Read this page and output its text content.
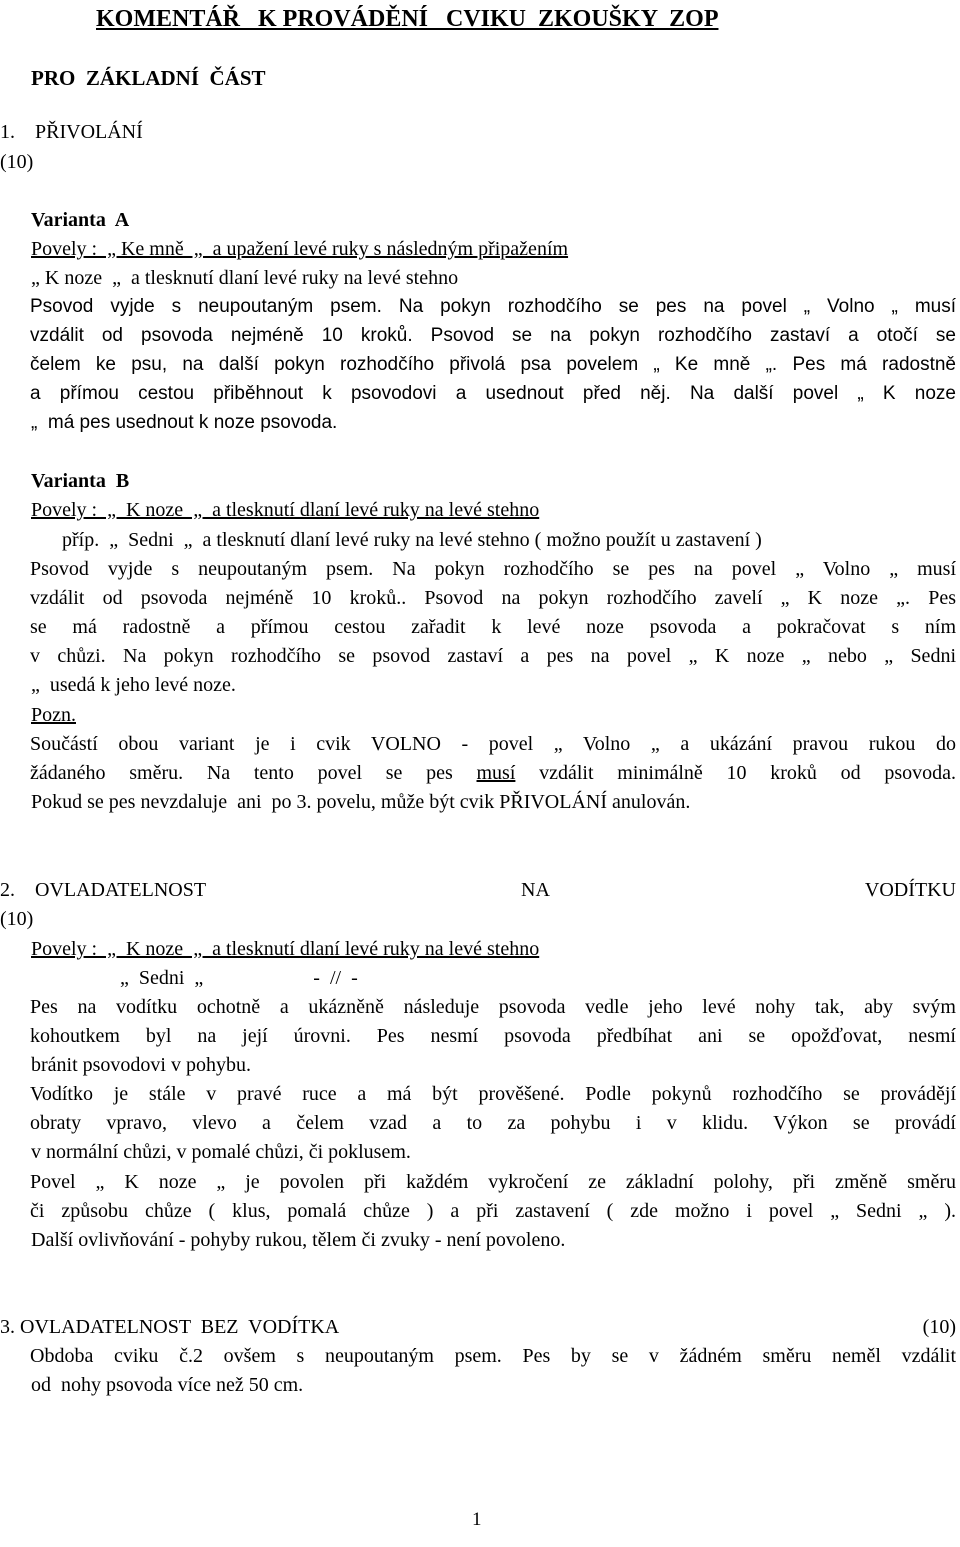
KOMENTÁŘ   K PROVÁDĚNÍ   CVIKU  ZKOUŠKY  ZOP
PRO  ZÁKLADNÍ  ČÁST
1.    PŘIVOLÁNÍ
(10)
Varianta  A
Povely :  „ Ke mně  „  a upažení levé ruky s následným připažením
„ K noze  „  a tlesknutí dlaní levé ruky na levé stehno
Psovod vyjde s neupoutaným psem. Na pokyn rozhodčího se pes na povel „ Volno „ musí
vzdálit od psovoda nejméně 10 kroků. Psovod se na pokyn rozhodčího zastaví a otočí se
čelem ke psu, na další pokyn rozhodčího přivolá psa povelem „ Ke mně „. Pes má radostně
a přímou cestou přiběhnout k psovodovi a usednout před něj. Na další povel „ K noze
„  má pes usednout k noze psovoda.
Varianta  B
Povely :  „  K noze  „  a tlesknutí dlaní levé ruky na levé stehno
příp.  „  Sedni  „  a tlesknutí dlaní levé ruky na levé stehno ( možno použít u zastavení )
Psovod vyjde s neupoutaným psem. Na pokyn rozhodčího se pes na povel „ Volno „ musí
vzdálit od psovoda nejméně 10 kroků.. Psovod na pokyn rozhodčího zavelí „ K noze „. Pes
se má radostně a přímou cestou zařadit k levé noze psovoda a pokračovat s ním
v chůzi. Na pokyn rozhodčího se psovod zastaví a pes na povel „ K noze „ nebo „ Sedni
„  usedá k jeho levé noze.
Pozn.
Součástí obou variant je i cvik VOLNO - povel „ Volno „ a ukázání pravou rukou do
žádaného směru. Na tento povel se pes musí vzdálit minimálně 10 kroků od psovoda.
Pokud se pes nevzdaluje  ani  po 3. povelu, může být cvik PŘIVOLÁNÍ anulován.
2.    OVLADATELNOST	NA	VODÍTKU
(10)
Povely :  „  K noze  „  a tlesknutí dlaní levé ruky na levé stehno
„  Sedni  „                      -  //  -
Pes na vodítku ochotně a ukázněně následuje psovoda vedle jeho levé nohy tak, aby svým
kohoutkem byl na její úrovni. Pes nesmí psovoda předbíhat ani se opožďovat, nesmí
bránit psovodovi v pohybu.
Vodítko je stále v pravé ruce a má být prověšené. Podle pokynů rozhodčího se provádějí
obraty vpravo, vlevo a čelem vzad a to za pohybu i v klidu. Výkon se provádí
v normální chůzi, v pomalé chůzi, či poklusem.
Povel „ K noze „ je povolen při každém vykročení ze základní polohy, při změně směru
či způsobu chůze ( klus, pomalá chůze ) a při zastavení ( zde možno i povel „ Sedni „ ).
Další ovlivňování - pohyby rukou, tělem či zvuky - není povoleno.
3. OVLADATELNOST  BEZ  VODÍTKA	(10)
Obdoba cviku č.2 ovšem s neupoutaným psem. Pes by se v žádném směru neměl vzdálit
od  nohy psovoda více než 50 cm.
1
